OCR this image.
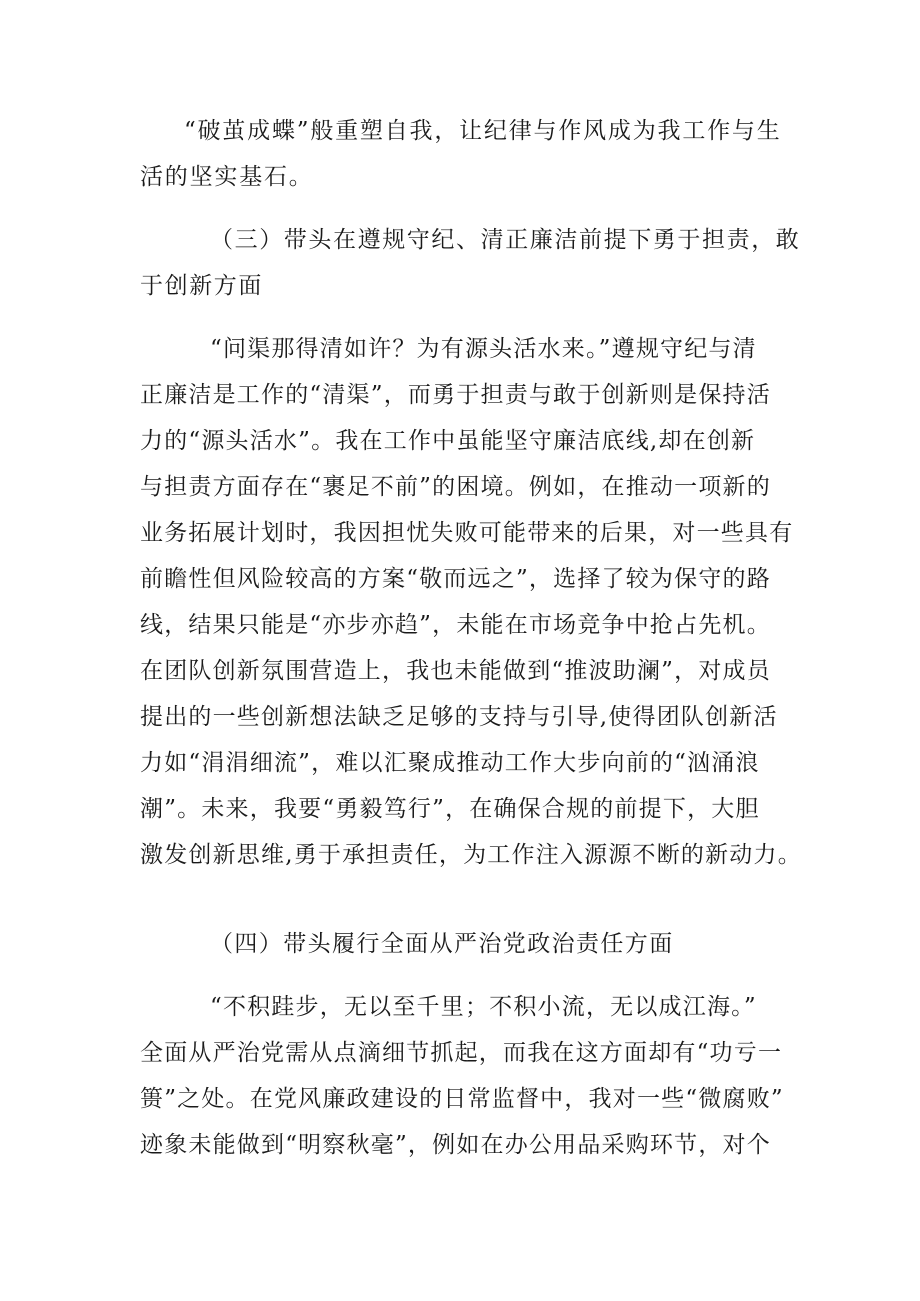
“破茧成蝶”般重塑自我，让纪律与作风成为我工作与生

活的坚实基石。

（三）带头在遵规守纪、清正廉洁前提下勇于担责，敢

于创新方面

“问渠那得清如许？为有源头活水来。”遵规守纪与清

正廉洁是工作的“清渠”，而勇于担责与敢于创新则是保持活

力的“源头活水”。我在工作中虽能坚守廉洁底线,却在创新

与担责方面存在“裹足不前”的困境。例如，在推动一项新的

业务拓展计划时，我因担忧失败可能带来的后果，对一些具有

前瞻性但风险较高的方案“敬而远之”，选择了较为保守的路

线，结果只能是“亦步亦趋”，未能在市场竞争中抢占先机。

在团队创新氛围营造上，我也未能做到“推波助澜”，对成员

提出的一些创新想法缺乏足够的支持与引导,使得团队创新活

力如“涓涓细流”，难以汇聚成推动工作大步向前的“汹涌浪

潮”。未来，我要“勇毅笃行”，在确保合规的前提下，大胆

激发创新思维,勇于承担责任，为工作注入源源不断的新动力。

（四）带头履行全面从严治党政治责任方面

“不积跬步，无以至千里；不积小流，无以成江海。”

全面从严治党需从点滴细节抓起，而我在这方面却有“功亏一

篑”之处。在党风廉政建设的日常监督中，我对一些“微腐败”

迹象未能做到“明察秋毫”，例如在办公用品采购环节，对个
